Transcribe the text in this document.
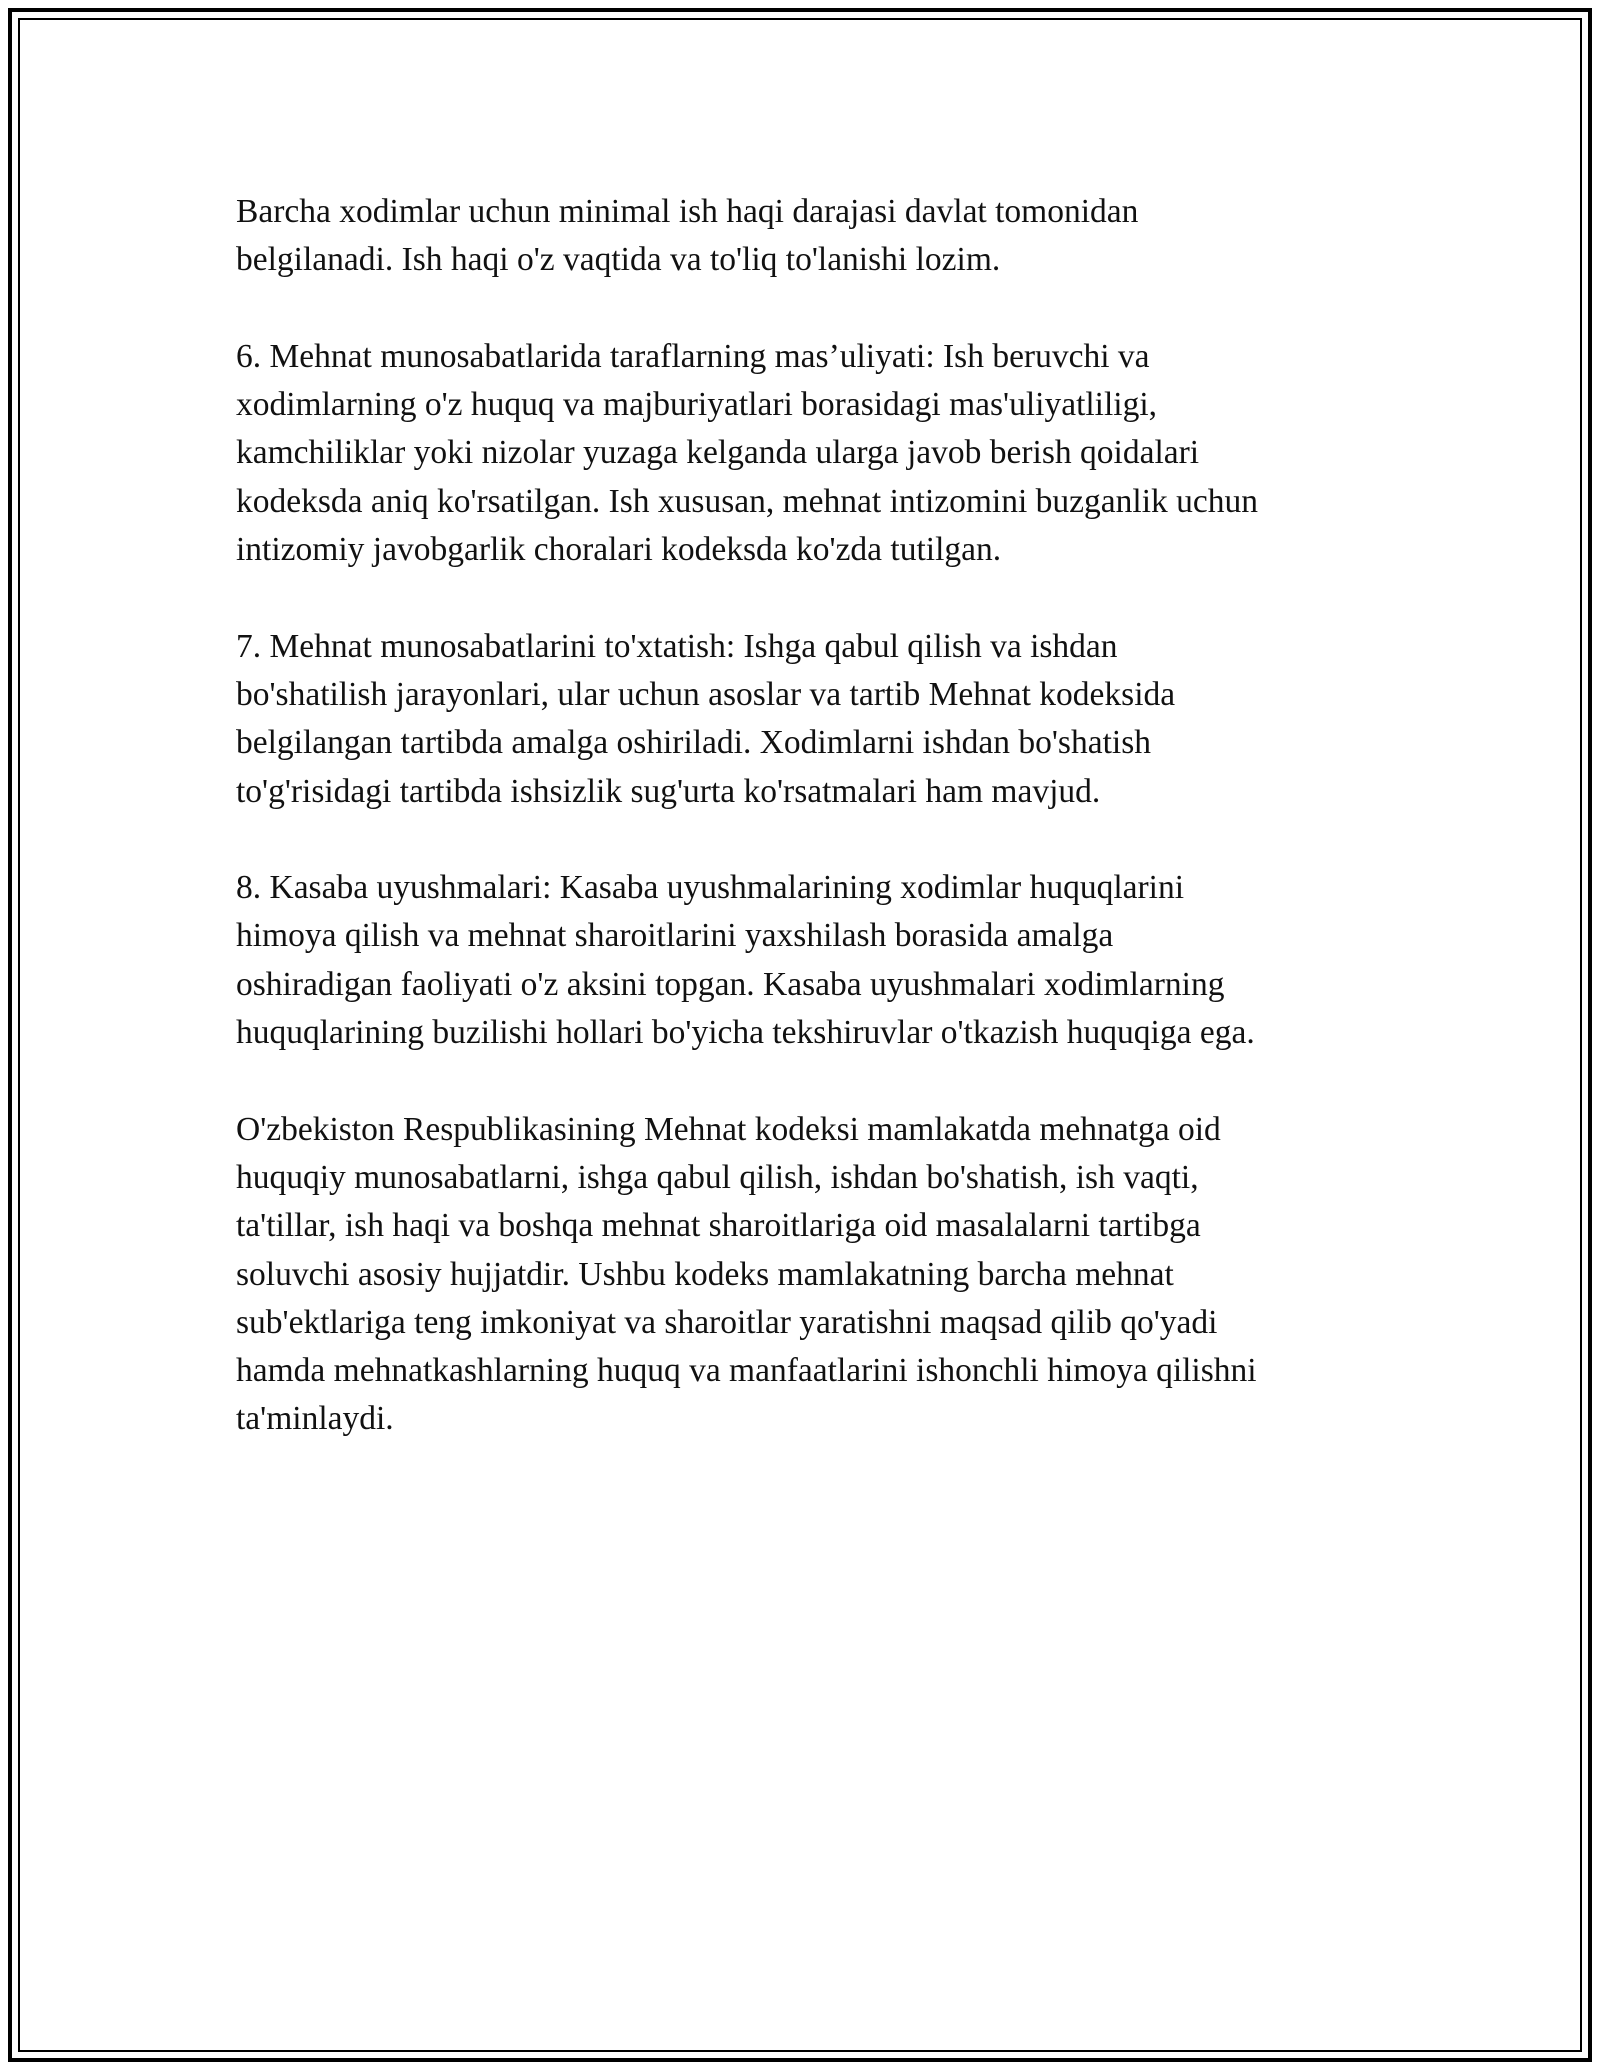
Barcha xodimlar uchun minimal ish haqi darajasi davlat tomonidan
belgilanadi. Ish haqi o'z vaqtida va to'liq to'lanishi lozim.

6. Mehnat munosabatlarida taraflarning mas’uliyati: Ish beruvchi va
xodimlarning o'z huquq va majburiyatlari borasidagi mas'uliyatliligi,
kamchiliklar yoki nizolar yuzaga kelganda ularga javob berish qoidalari
kodeksda aniq ko'rsatilgan. Ish xususan, mehnat intizomini buzganlik uchun
intizomiy javobgarlik choralari kodeksda ko'zda tutilgan.

7. Mehnat munosabatlarini to'xtatish: Ishga qabul qilish va ishdan
bo'shatilish jarayonlari, ular uchun asoslar va tartib Mehnat kodeksida
belgilangan tartibda amalga oshiriladi. Xodimlarni ishdan bo'shatish
to'g'risidagi tartibda ishsizlik sug'urta ko'rsatmalari ham mavjud.

8. Kasaba uyushmalari: Kasaba uyushmalarining xodimlar huquqlarini
himoya qilish va mehnat sharoitlarini yaxshilash borasida amalga
oshiradigan faoliyati o'z aksini topgan. Kasaba uyushmalari xodimlarning
huquqlarining buzilishi hollari bo'yicha tekshiruvlar o'tkazish huquqiga ega.

O'zbekiston Respublikasining Mehnat kodeksi mamlakatda mehnatga oid
huquqiy munosabatlarni, ishga qabul qilish, ishdan bo'shatish, ish vaqti,
ta'tillar, ish haqi va boshqa mehnat sharoitlariga oid masalalarni tartibga
soluvchi asosiy hujjatdir. Ushbu kodeks mamlakatning barcha mehnat
sub'ektlariga teng imkoniyat va sharoitlar yaratishni maqsad qilib qo'yadi
hamda mehnatkashlarning huquq va manfaatlarini ishonchli himoya qilishni
ta'minlaydi.
